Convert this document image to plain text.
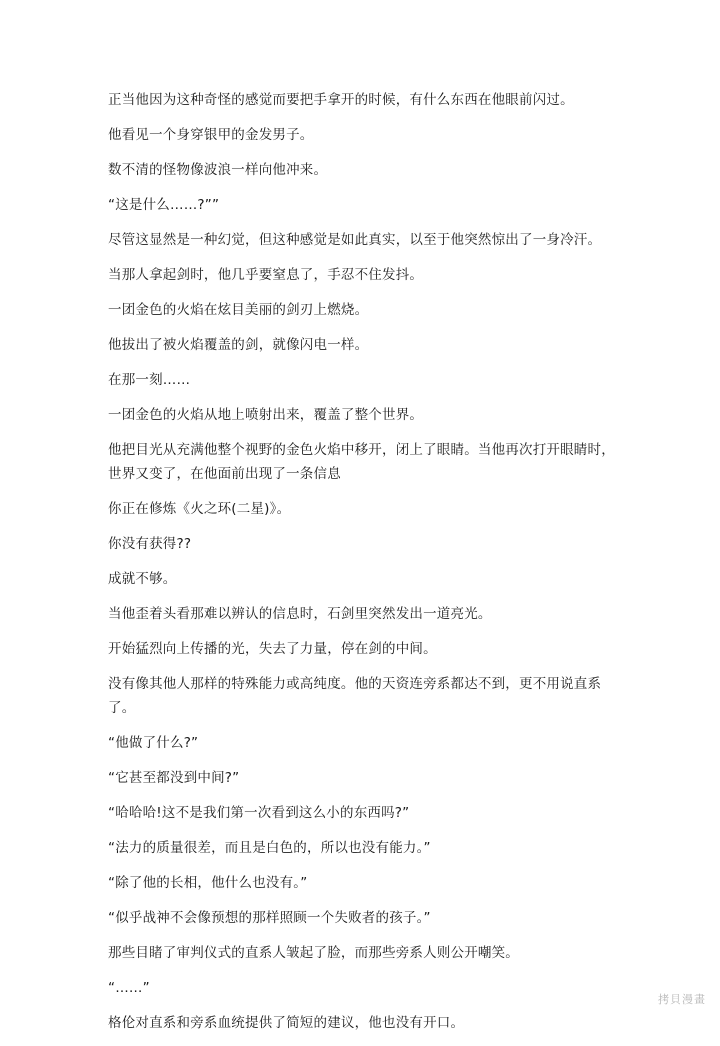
正当他因为这种奇怪的感觉而要把手拿开的时候，有什么东西在他眼前闪过。

他看见一个身穿银甲的金发男子。

数不清的怪物像波浪一样向他冲来。

“这是什么……?””

尽管这显然是一种幻觉，但这种感觉是如此真实，以至于他突然惊出了一身冷汗。

当那人拿起剑时，他几乎要窒息了，手忍不住发抖。

一团金色的火焰在炫目美丽的剑刃上燃烧。

他拔出了被火焰覆盖的剑，就像闪电一样。

在那一刻……

一团金色的火焰从地上喷射出来，覆盖了整个世界。

他把目光从充满他整个视野的金色火焰中移开，闭上了眼睛。当他再次打开眼睛时，世界又变了，在他面前出现了一条信息

你正在修炼《火之环(二星)》。

你没有获得??

成就不够。

当他歪着头看那难以辨认的信息时，石剑里突然发出一道亮光。

开始猛烈向上传播的光，失去了力量，停在剑的中间。

没有像其他人那样的特殊能力或高纯度。他的天资连旁系都达不到，更不用说直系了。

“他做了什么?”

“它甚至都没到中间?”

“哈哈哈!这不是我们第一次看到这么小的东西吗?”

“法力的质量很差，而且是白色的，所以也没有能力。”

“除了他的长相，他什么也没有。”

“似乎战神不会像预想的那样照顾一个失败者的孩子。”

那些目睹了审判仪式的直系人皱起了脸，而那些旁系人则公开嘲笑。

“……”

格伦对直系和旁系血统提供了简短的建议，他也没有开口。

拷貝漫畫
